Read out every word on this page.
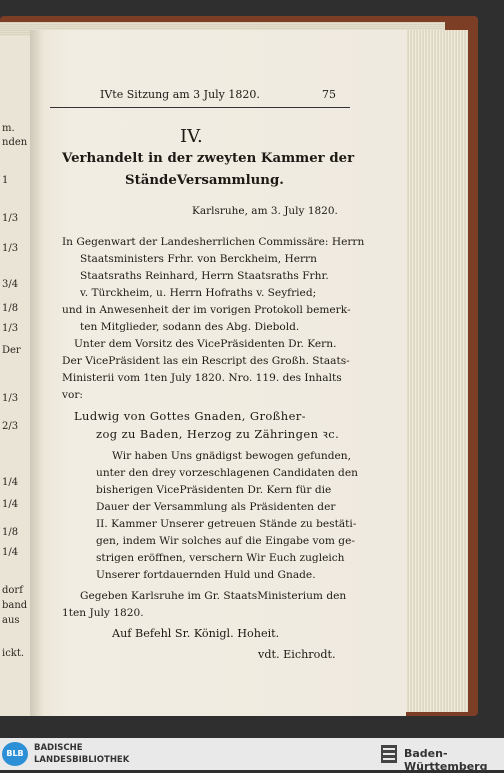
m.
nden
1
1/3
1/3
3/4
1/8
1/3
Der
1/3
2/3
1/4
1/4
1/8
1/4
dorf
band
aus
ickt.
IVte Sitzung am 3 July 1820.	75
IV.
Verhandelt in der zweyten Kammer der
StändeVersammlung.
Karlsruhe, am 3. July 1820.
In Gegenwart der Landesherrlichen Commissäre: Herrn
Staatsministers Frhr. von Berckheim, Herrn
Staatsraths Reinhard, Herrn Staatsraths Frhr.
v. Türckheim, u. Herrn Hofraths v. Seyfried;
und in Anwesenheit der im vorigen Protokoll bemerk-
ten Mitglieder, sodann des Abg. Diebold.
Unter dem Vorsitz des VicePräsidenten Dr. Kern.
Der VicePräsident las ein Rescript des Großh. Staats-
Ministerii vom 1ten July 1820. Nro. 119. des Inhalts
vor:
Ludwig von Gottes Gnaden, Großher-
zog zu Baden, Herzog zu Zähringen ꝛc.
Wir haben Uns gnädigst bewogen gefunden,
unter den drey vorzeschlagenen Candidaten den
bisherigen VicePräsidenten Dr. Kern für die
Dauer der Versammlung als Präsidenten der
II. Kammer Unserer getreuen Stände zu bestäti-
gen, indem Wir solches auf die Eingabe vom ge-
strigen eröffnen, verschern Wir Euch zugleich
Unserer fortdauernden Huld und Gnade.
Gegeben Karlsruhe im Gr. StaatsMinisterium den
1ten July 1820.
Auf Befehl Sr. Königl. Hoheit.
vdt. Eichrodt.
BLB
BADISCHE
LANDESBIBLIOTHEK	Baden-Württemberg
